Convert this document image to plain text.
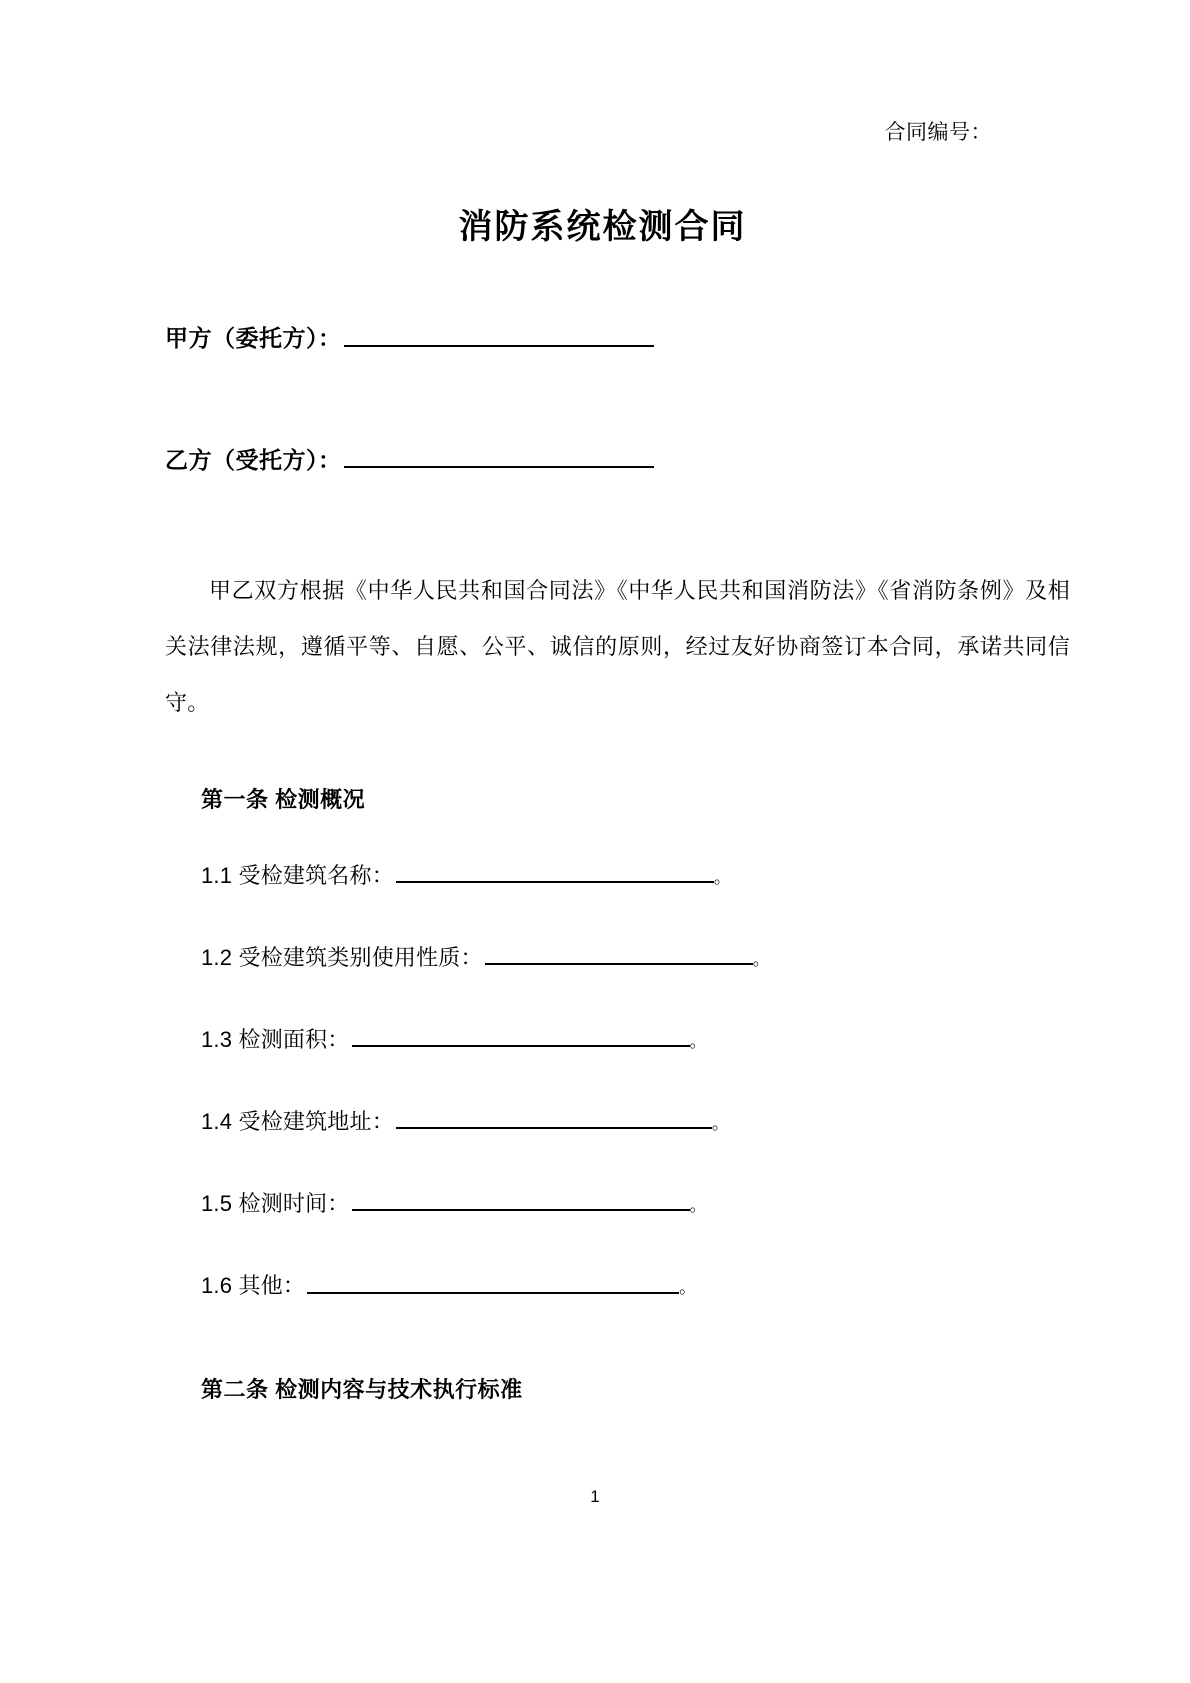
合同编号：
消防系统检测合同
甲方（委托方）：
乙方（受托方）：

甲乙双方根据《中华人民共和国合同法》《中华人民共和国消防法》《省消防条例》及相关法律法规，遵循平等、自愿、公平、诚信的原则，经过友好协商签订本合同，承诺共同信守。

第一条 检测概况
1.1 受检建筑名称：	。
1.2 受检建筑类别使用性质：	。
1.3 检测面积：	。
1.4 受检建筑地址：	。
1.5 检测时间：	。
1.6 其他：	。
第二条 检测内容与技术执行标准
1
